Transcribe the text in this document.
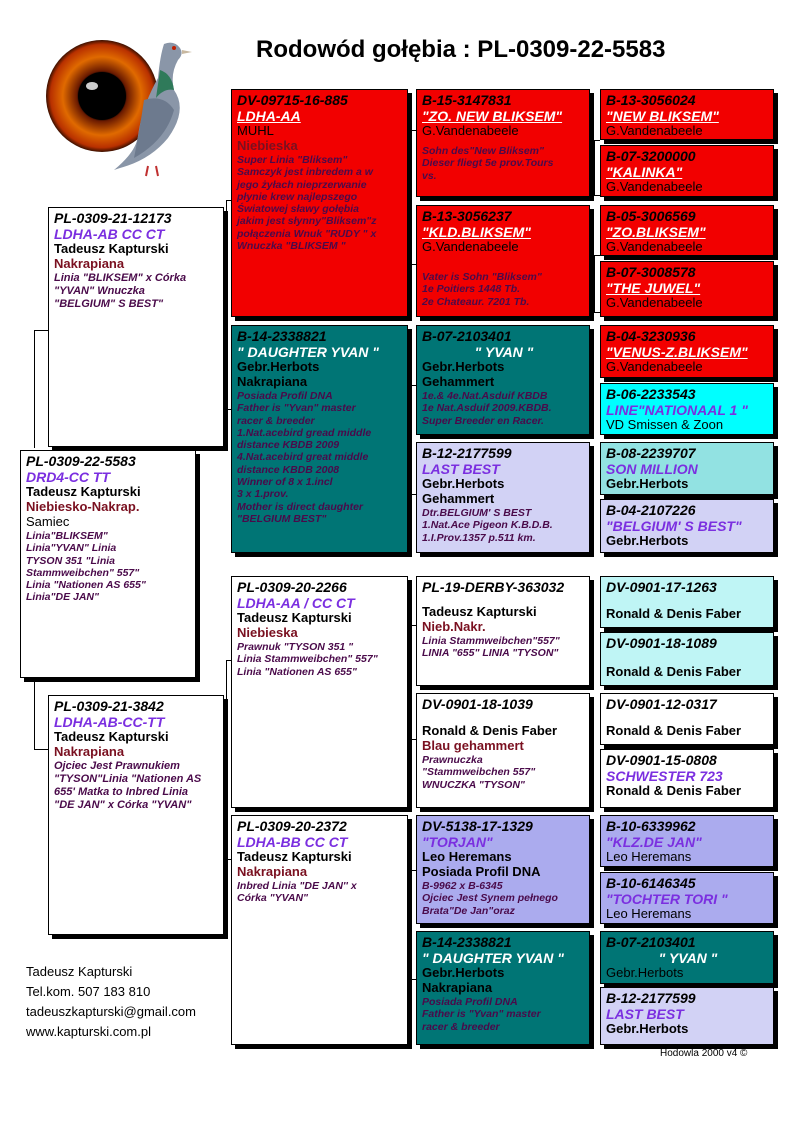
Rodowód gołębia : PL-0309-22-5583
PL-0309-22-5583
DRD4-CC TT
Tadeusz Kapturski
Niebiesko-Nakrap.
Samiec
Linia"BLIKSEM"
Linia"YVAN" Linia
TYSON 351 "Linia
Stammweibchen" 557"
Linia "Nationen AS 655"
Linia"DE JAN"
PL-0309-21-12173
LDHA-AB CC CT
Tadeusz Kapturski
Nakrapiana
Linia "BLIKSEM" x Córka
"YVAN" Wnuczka
"BELGIUM" S BEST"
PL-0309-21-3842
LDHA-AB-CC-TT
Tadeusz Kapturski
Nakrapiana
Ojciec Jest Prawnukiem
"TYSON"Linia "Nationen AS
655' Matka to Inbred Linia
"DE JAN" x Córka "YVAN"
DV-09715-16-885
LDHA-AA
MUHL
Niebieska
Super Linia "Bliksem"
Samczyk jest inbredem a w
jego żyłach nieprzerwanie
płynie krew najlepszego
Światowej sławy gołębia
jakim jest słynny"Bliksem"z
połączenia Wnuk "RUDY " x
Wnuczka "BLIKSEM "
B-14-2338821
" DAUGHTER YVAN "
Gebr.Herbots
Nakrapiana
Posiada Profil DNA
Father is "Yvan" master
racer & breeder
1.Nat.acebird gread middle
distance KBDB 2009
4.Nat.acebird great middle
distance KBDB 2008
Winner of 8 x 1.incl
3 x 1.prov.
Mother is direct daughter
"BELGIUM BEST"
PL-0309-20-2266
LDHA-AA / CC CT
Tadeusz Kapturski
Niebieska
Prawnuk "TYSON 351 "
Linia Stammweibchen" 557"
Linia "Nationen AS 655"
PL-0309-20-2372
LDHA-BB CC CT
Tadeusz Kapturski
Nakrapiana
Inbred Linia "DE JAN'' x
Córka "YVAN"
B-15-3147831
"ZO. NEW BLIKSEM"
G.Vandenabeele
Sohn des"New Bliksem"
Dieser fliegt 5e prov.Tours
vs.
B-13-3056237
"KLD.BLIKSEM"
G.Vandenabeele
Vater is Sohn "Bliksem"
1e Poitiers 1448 Tb.
2e Chateaur. 7201 Tb.
B-07-2103401
" YVAN "
Gebr.Herbots
Gehammert
1e.& 4e.Nat.Asduif KBDB
1e Nat.Asduif 2009.KBDB.
Super Breeder en Racer.
B-12-2177599
LAST BEST
Gebr.Herbots
Gehammert
Dtr.BELGIUM' S BEST
1.Nat.Ace Pigeon K.B.D.B.
1.I.Prov.1357 p.511 km.
PL-19-DERBY-363032
Tadeusz Kapturski
Nieb.Nakr.
Linia Stammweibchen"557"
LINIA "655" LINIA "TYSON"
DV-0901-18-1039
Ronald & Denis Faber
Blau gehammert
Prawnuczka
"Stammweibchen 557"
WNUCZKA "TYSON"
DV-5138-17-1329
"TORJAN"
Leo Heremans
Posiada Profil DNA
B-9962 x B-6345
Ojciec Jest Synem pełnego
Brata"De Jan"oraz
B-14-2338821
" DAUGHTER YVAN "
Gebr.Herbots
Nakrapiana
Posiada Profil DNA
Father is "Yvan" master
racer & breeder
B-13-3056024
"NEW BLIKSEM"
G.Vandenabeele
B-07-3200000
"KALINKA"
G.Vandenabeele
B-05-3006569
"ZO.BLIKSEM"
G.Vandenabeele
B-07-3008578
"THE JUWEL"
G.Vandenabeele
B-04-3230936
"VENUS-Z.BLIKSEM"
G.Vandenabeele
B-06-2233543
LINE"NATIONAAL 1 "
VD Smissen & Zoon
B-08-2239707
SON MILLION
Gebr.Herbots
B-04-2107226
"BELGIUM' S BEST"
Gebr.Herbots
DV-0901-17-1263
Ronald & Denis Faber
DV-0901-18-1089
Ronald & Denis Faber
DV-0901-12-0317
Ronald & Denis Faber
DV-0901-15-0808
SCHWESTER 723
Ronald & Denis Faber
B-10-6339962
"KLZ.DE JAN"
Leo Heremans
B-10-6146345
"TOCHTER TORI "
Leo Heremans
B-07-2103401
" YVAN "
Gebr.Herbots
B-12-2177599
LAST BEST
Gebr.Herbots
Tadeusz Kapturski
Tel.kom. 507 183 810
tadeuszkapturski@gmail.com
www.kapturski.com.pl
Hodowla 2000 v4 ©
